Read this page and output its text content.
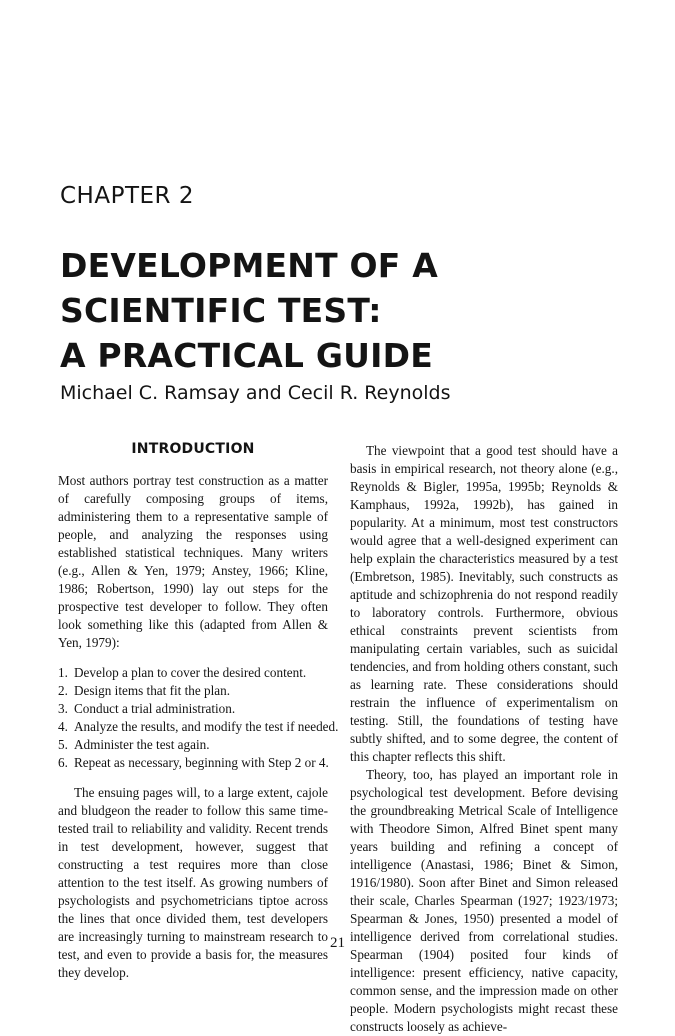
CHAPTER 2
DEVELOPMENT OF A
SCIENTIFIC TEST:
A PRACTICAL GUIDE

Michael C. Ramsay and Cecil R. Reynolds

INTRODUCTION

Most authors portray test construction as a matter of carefully composing groups of items, administering them to a representative sample of people, and analyzing the responses using established statistical techniques. Many writers (e.g., Allen & Yen, 1979; Anstey, 1966; Kline, 1986; Robertson, 1990) lay out steps for the prospective test developer to follow. They often look something like this (adapted from Allen & Yen, 1979):

1. Develop a plan to cover the desired content.
2. Design items that fit the plan.
3. Conduct a trial administration.
4. Analyze the results, and modify the test if needed.
5. Administer the test again.
6. Repeat as necessary, beginning with Step 2 or 4.

The ensuing pages will, to a large extent, cajole and bludgeon the reader to follow this same time-tested trail to reliability and validity. Recent trends in test development, however, suggest that constructing a test requires more than close attention to the test itself. As growing numbers of psychologists and psychometricians tiptoe across the lines that once divided them, test developers are increasingly turning to mainstream research to test, and even to provide a basis for, the measures they develop.

The viewpoint that a good test should have a basis in empirical research, not theory alone (e.g., Reynolds & Bigler, 1995a, 1995b; Reynolds & Kamphaus, 1992a, 1992b), has gained in popularity. At a minimum, most test constructors would agree that a well-designed experiment can help explain the characteristics measured by a test (Embretson, 1985). Inevitably, such constructs as aptitude and schizophrenia do not respond readily to laboratory controls. Furthermore, obvious ethical constraints prevent scientists from manipulating certain variables, such as suicidal tendencies, and from holding others constant, such as learning rate. These considerations should restrain the influence of experimentalism on testing. Still, the foundations of testing have subtly shifted, and to some degree, the content of this chapter reflects this shift.

Theory, too, has played an important role in psychological test development. Before devising the groundbreaking Metrical Scale of Intelligence with Theodore Simon, Alfred Binet spent many years building and refining a concept of intelligence (Anastasi, 1986; Binet & Simon, 1916/1980). Soon after Binet and Simon released their scale, Charles Spearman (1927; 1923/1973; Spearman & Jones, 1950) presented a model of intelligence derived from correlational studies. Spearman (1904) posited four kinds of intelligence: present efficiency, native capacity, common sense, and the impression made on other people. Modern psychologists might recast these constructs loosely as achieve-

21
